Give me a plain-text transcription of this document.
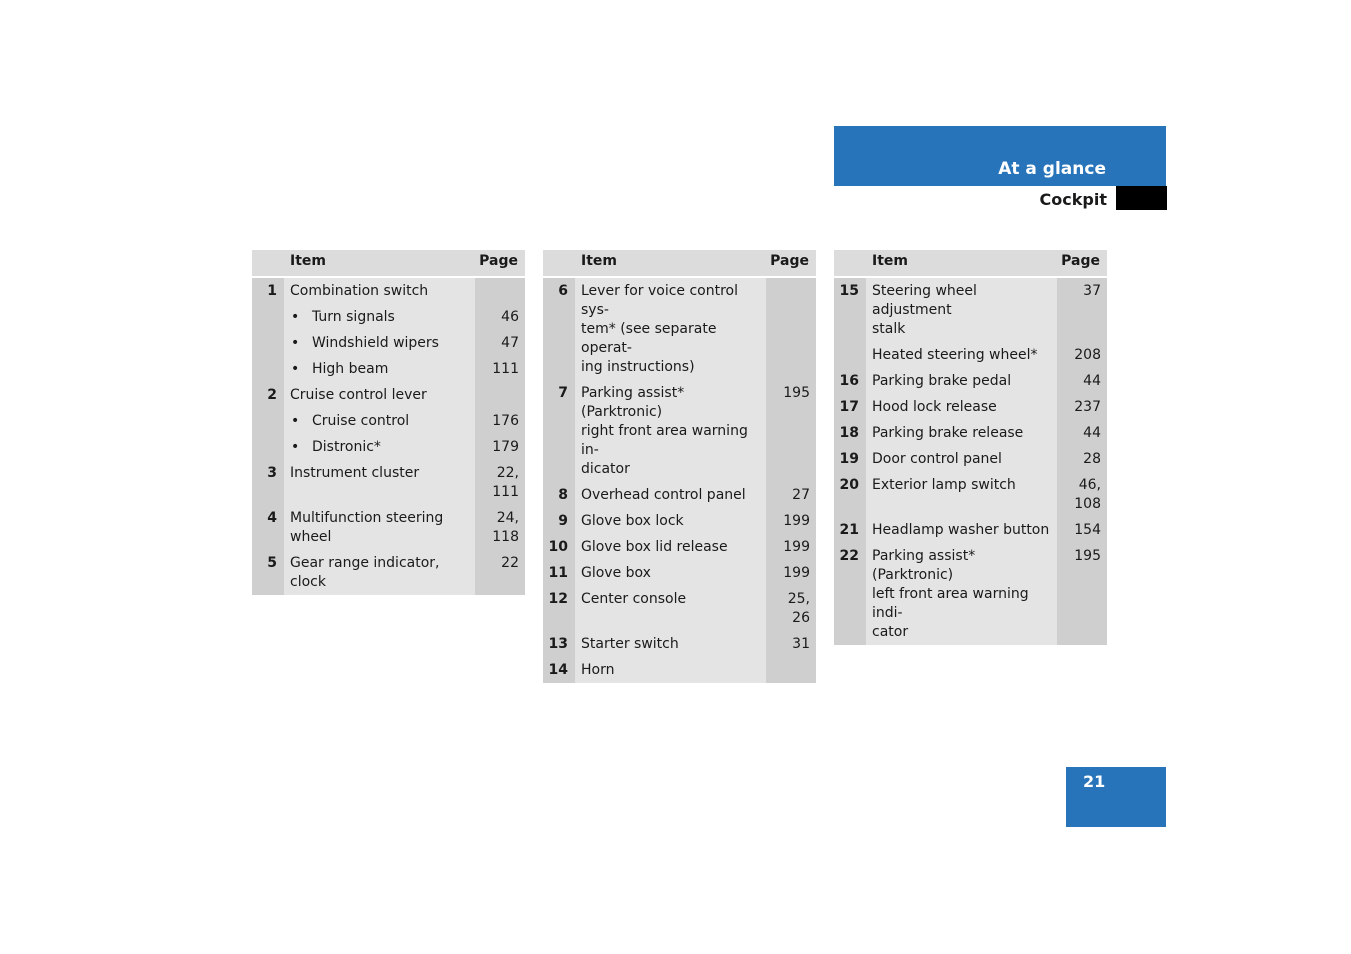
At a glance
Cockpit
	Item	Page
1	Combination switch	
	• Turn signals	46
	• Windshield wipers	47
	• High beam	111
2	Cruise control lever	
	• Cruise control	176
	• Distronic*	179
3	Instrument cluster	22,
111
4	Multifunction steering wheel	24,
118
5	Gear range indicator, clock	22
	Item	Page
6	Lever for voice control sys-
tem* (see separate operat-
ing instructions)	
7	Parking assist* (Parktronic)
right front area warning in-
dicator	195
8	Overhead control panel	27
9	Glove box lock	199
10	Glove box lid release	199
11	Glove box	199
12	Center console	25,
26
13	Starter switch	31
14	Horn	
	Item	Page
15	Steering wheel adjustment
stalk	37
	Heated steering wheel*	208
16	Parking brake pedal	44
17	Hood lock release	237
18	Parking brake release	44
19	Door control panel	28
20	Exterior lamp switch	46,
108
21	Headlamp washer button	154
22	Parking assist* (Parktronic)
left front area warning indi-
cator	195
21
